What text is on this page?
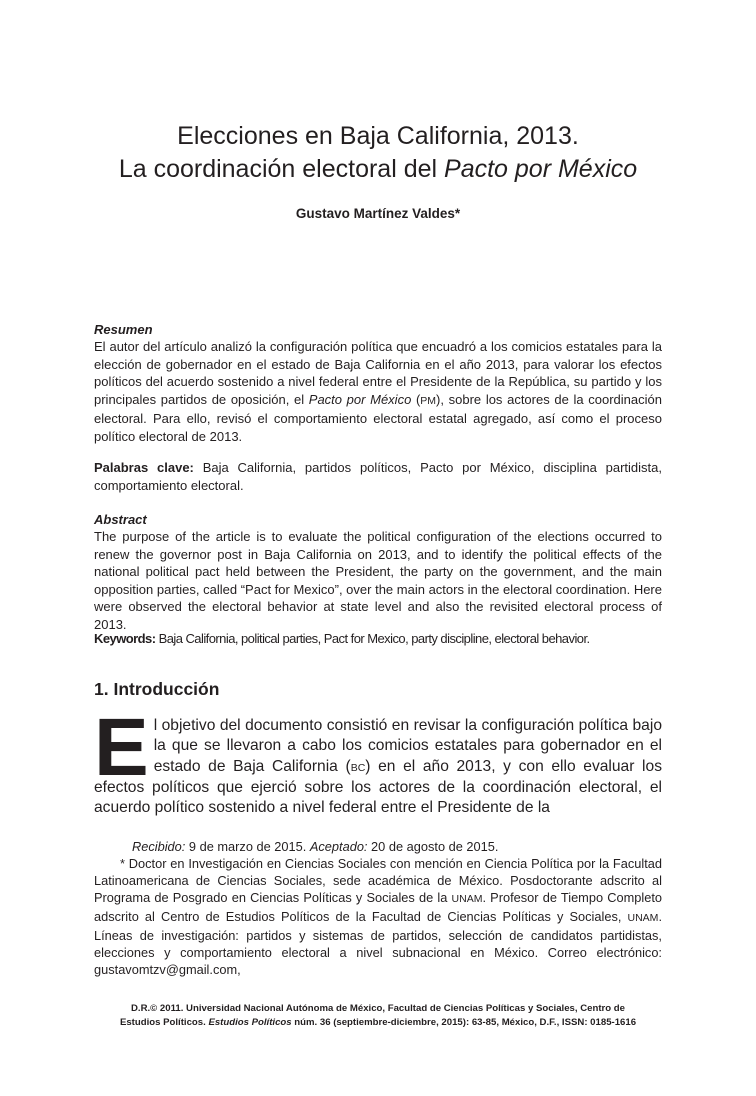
Elecciones en Baja California, 2013.
La coordinación electoral del Pacto por México
Gustavo Martínez Valdes*
Resumen
El autor del artículo analizó la configuración política que encuadró a los comicios estatales para la elección de gobernador en el estado de Baja California en el año 2013, para valorar los efectos políticos del acuerdo sostenido a nivel federal entre el Presidente de la República, su partido y los principales partidos de oposición, el Pacto por México (PM), sobre los actores de la coordinación electoral. Para ello, revisó el comportamiento electoral estatal agregado, así como el proceso político electoral de 2013.
Palabras clave: Baja California, partidos políticos, Pacto por México, disciplina partidista, comportamiento electoral.
Abstract
The purpose of the article is to evaluate the political configuration of the elections occurred to renew the governor post in Baja California on 2013, and to identify the political effects of the national political pact held between the President, the party on the government, and the main opposition parties, called “Pact for Mexico”, over the main actors in the electoral coordination. Here were observed the electoral behavior at state level and also the revisited electoral process of 2013.
Keywords: Baja California, political parties, Pact for Mexico, party discipline, electoral behavior.
1. Introducción
El objetivo del documento consistió en revisar la configuración política bajo la que se llevaron a cabo los comicios estatales para gobernador en el estado de Baja California (BC) en el año 2013, y con ello evaluar los efectos políticos que ejerció sobre los actores de la coordinación electoral, el acuerdo político sostenido a nivel federal entre el Presidente de la

Recibido: 9 de marzo de 2015. Aceptado: 20 de agosto de 2015.

* Doctor en Investigación en Ciencias Sociales con mención en Ciencia Política por la Facultad Latinoamericana de Ciencias Sociales, sede académica de México. Posdoctorante adscrito al Programa de Posgrado en Ciencias Políticas y Sociales de la UNAM. Profesor de Tiempo Completo adscrito al Centro de Estudios Políticos de la Facultad de Ciencias Políticas y Sociales, UNAM. Líneas de investigación: partidos y sistemas de partidos, selección de candidatos partidistas, elecciones y comportamiento electoral a nivel subnacional en México. Correo electrónico: gustavomtzv@gmail.com,

D.R.© 2011. Universidad Nacional Autónoma de México, Facultad de Ciencias Políticas y Sociales, Centro de
Estudios Políticos. Estudios Políticos núm. 36 (septiembre-diciembre, 2015): 63-85, México, D.F., ISSN: 0185-1616
